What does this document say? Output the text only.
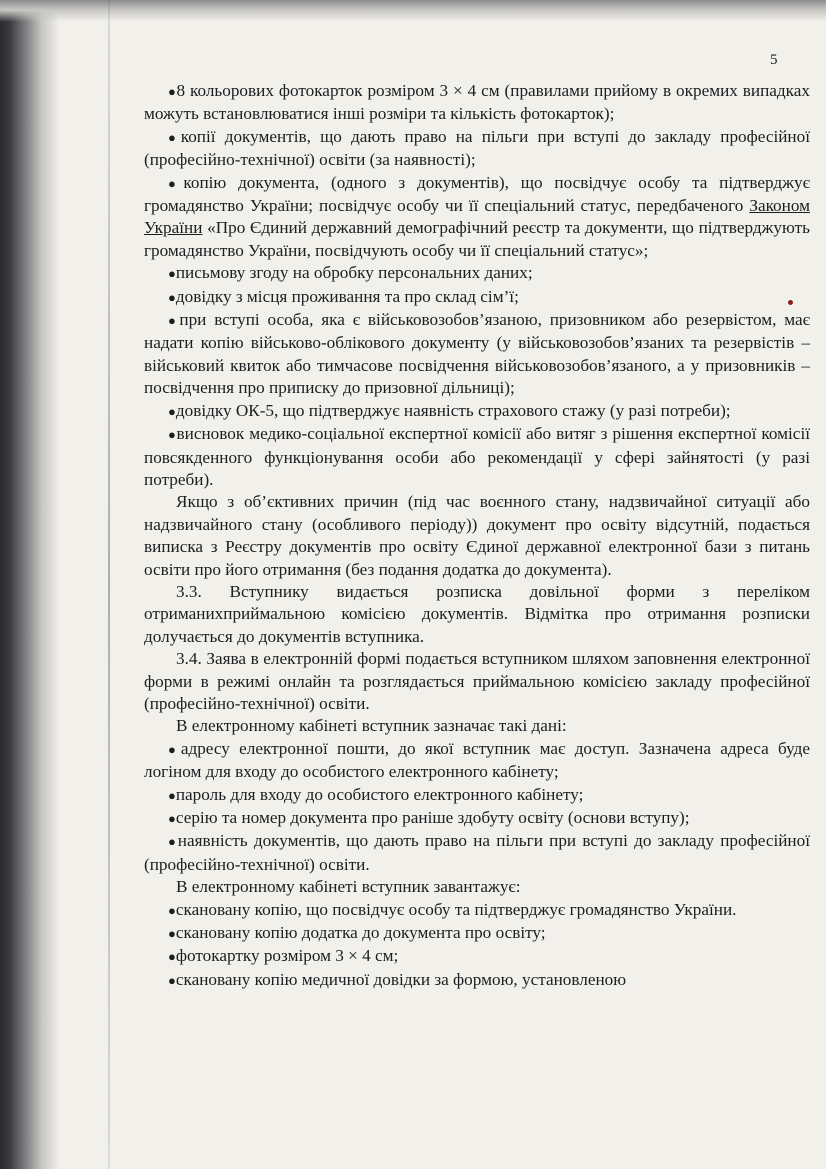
5

●8 кольорових фотокарток розміром 3 × 4 см (правилами прийому в окремих випадках можуть встановлюватися інші розміри та кількість фотокарток);

●копії документів, що дають право на пільги при вступі до закладу професійної (професійно-технічної) освіти (за наявності);

●копію документа, (одного з документів), що посвідчує особу та підтверджує громадянство України; посвідчує особу чи її спеціальний статус, передбаченого Законом України «Про Єдиний державний демографічний реєстр та документи, що підтверджують громадянство України, посвідчують особу чи її спеціальний статус»;

●письмову згоду на обробку персональних даних;

●довідку з місця проживання та про склад сім’ї;

●при вступі особа, яка є військовозобов’язаною, призовником або резервістом, має надати копію військово-облікового документу (у військовозобов’язаних та резервістів – військовий квиток або тимчасове посвідчення військовозобов’язаного, а у призовників – посвідчення про приписку до призовної дільниці);

●довідку ОК-5, що підтверджує наявність страхового стажу (у разі потреби);

●висновок медико-соціальної експертної комісії або витяг з рішення експертної комісії повсякденного функціонування особи або рекомендації у сфері зайнятості (у разі потреби).

Якщо з об’єктивних причин (під час воєнного стану, надзвичайної ситуації або надзвичайного стану (особливого періоду)) документ про освіту відсутній, подається виписка з Реєстру документів про освіту Єдиної державної електронної бази з питань освіти про його отримання (без подання додатка до документа).

3.3. Вступнику видається розписка довільної форми з переліком отриманихприймальною комісією документів. Відмітка про отримання розписки долучається до документів вступника.

3.4. Заява в електронній формі подається вступником шляхом заповнення електронної форми в режимі онлайн та розглядається приймальною комісією закладу професійної (професійно-технічної) освіти.

В електронному кабінеті вступник зазначає такі дані:

●адресу електронної пошти, до якої вступник має доступ. Зазначена адреса буде логіном для входу до особистого електронного кабінету;

●пароль для входу до особистого електронного кабінету;

●серію та номер документа про раніше здобуту освіту (основи вступу);

●наявність документів, що дають право на пільги при вступі до закладу професійної (професійно-технічної) освіти.

В електронному кабінеті вступник завантажує:

●скановану копію, що посвідчує особу та підтверджує громадянство України.

●скановану копію додатка до документа про освіту;

●фотокартку розміром 3 × 4 см;

●скановану копію медичної довідки за формою, установленою
